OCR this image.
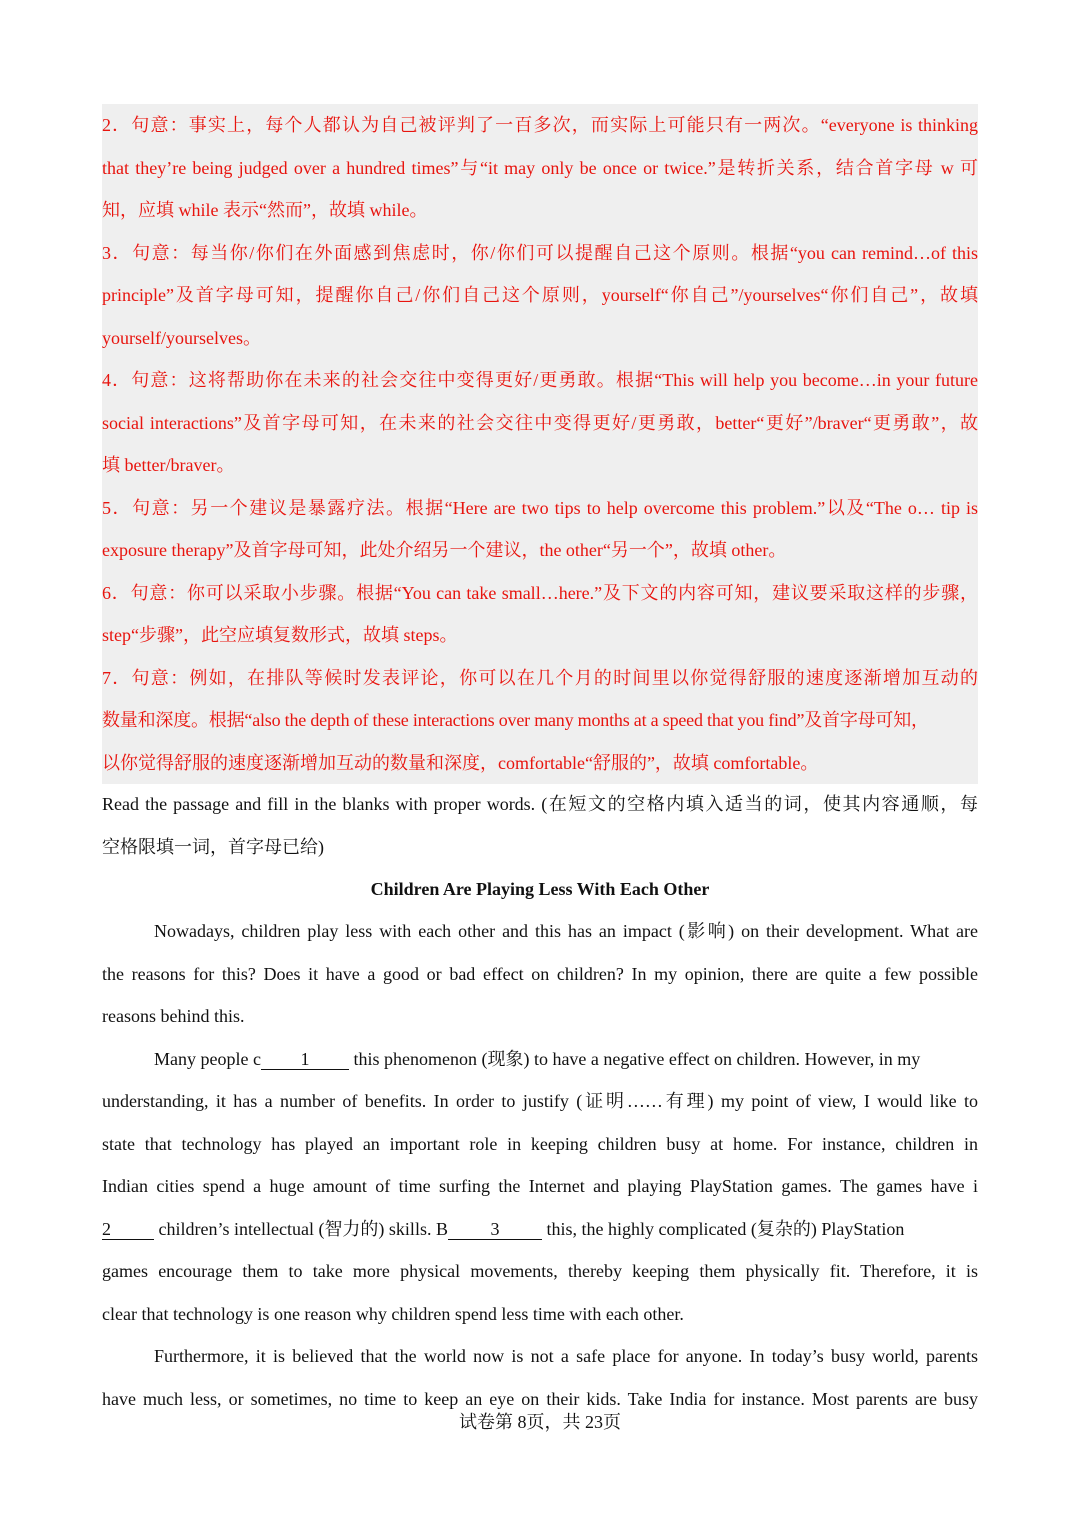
2．句意：事实上，每个人都认为自己被评判了一百多次，而实际上可能只有一两次。“everyone is thinking
that they’re being judged over a hundred times”与“it may only be once or twice.”是转折关系，结合首字母 w 可
知，应填 while 表示“然而”，故填 while。
3．句意：每当你/你们在外面感到焦虑时，你/你们可以提醒自己这个原则。根据“you can remind…of this
principle”及首字母可知，提醒你自己/你们自己这个原则，yourself“你自己”/yourselves“你们自己”，故填
yourself/yourselves。
4．句意：这将帮助你在未来的社会交往中变得更好/更勇敢。根据“This will help you become…in your future
social interactions”及首字母可知，在未来的社会交往中变得更好/更勇敢，better“更好”/braver“更勇敢”，故
填 better/braver。
5．句意：另一个建议是暴露疗法。根据“Here are two tips to help overcome this problem.”以及“The o… tip is
exposure therapy”及首字母可知，此处介绍另一个建议，the other“另一个”，故填 other。
6．句意：你可以采取小步骤。根据“You can take small…here.”及下文的内容可知，建议要采取这样的步骤，
step“步骤”，此空应填复数形式，故填 steps。
7．句意：例如，在排队等候时发表评论，你可以在几个月的时间里以你觉得舒服的速度逐渐增加互动的
数量和深度。根据“also the depth of these interactions over many months at a speed that you find”及首字母可知，
以你觉得舒服的速度逐渐增加互动的数量和深度，comfortable“舒服的”，故填 comfortable。
Read the passage and fill in the blanks with proper words. (在短文的空格内填入适当的词，使其内容通顺，每
空格限填一词，首字母已给)
Children Are Playing Less With Each Other
Nowadays, children play less with each other and this has an impact (影响) on their development. What are
the reasons for this? Does it have a good or bad effect on children? In my opinion, there are quite a few possible
reasons behind this.
Many people c 1 this phenomenon (现象) to have a negative effect on children. However, in my
understanding, it has a number of benefits. In order to justify (证明……有理) my point of view, I would like to
state that technology has played an important role in keeping children busy at home. For instance, children in
Indian cities spend a huge amount of time surfing the Internet and playing PlayStation games. The games have i
2 children’s intellectual (智力的) skills. B 3 this, the highly complicated (复杂的) PlayStation
games encourage them to take more physical movements, thereby keeping them physically fit. Therefore, it is
clear that technology is one reason why children spend less time with each other.
Furthermore, it is believed that the world now is not a safe place for anyone. In today’s busy world, parents
have much less, or sometimes, no time to keep an eye on their kids. Take India for instance. Most parents are busy
试卷第 8页，共 23页
